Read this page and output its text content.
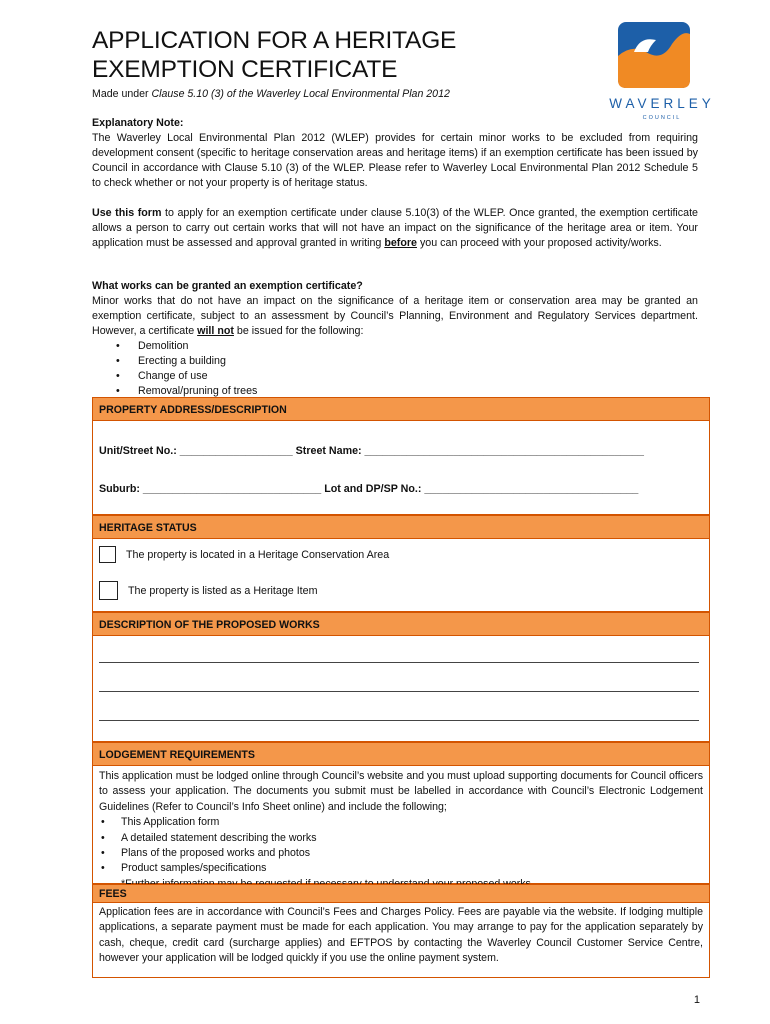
APPLICATION FOR A HERITAGE
EXEMPTION CERTIFICATE
Made under Clause 5.10 (3) of the Waverley Local Environmental Plan 2012
WAVERLEY
COUNCIL

Explanatory Note:

The Waverley Local Environmental Plan 2012 (WLEP) provides for certain minor works to be excluded from requiring development consent (specific to heritage conservation areas and heritage items) if an exemption certificate has been issued by Council in accordance with Clause 5.10 (3) of the WLEP. Please refer to Waverley Local Environmental Plan 2012 Schedule 5 to check whether or not your property is of heritage status.

Use this form to apply for an exemption certificate under clause 5.10(3) of the WLEP. Once granted, the exemption certificate allows a person to carry out certain works that will not have an impact on the significance of the heritage area or item. Your application must be assessed and approval granted in writing before you can proceed with your proposed activity/works.

What works can be granted an exemption certificate?

Minor works that do not have an impact on the significance of a heritage item or conservation area may be granted an exemption certificate, subject to an assessment by Council’s Planning, Environment and Regulatory Services department. However, a certificate will not be issued for the following:

• Demolition
• Erecting a building
• Change of use
• Removal/pruning of trees
PROPERTY ADDRESS/DESCRIPTION
Unit/Street No.: ___________________ Street Name: _______________________________________________
Suburb: ______________________________ Lot and DP/SP No.: ____________________________________
HERITAGE STATUS
The property is located in a Heritage Conservation Area
The property is listed as a Heritage Item
DESCRIPTION OF THE PROPOSED WORKS
LODGEMENT REQUIREMENTS
This application must be lodged online through Council’s website and you must upload supporting documents for Council officers to assess your application. The documents you submit must be labelled in accordance with Council’s Electronic Lodgement Guidelines (Refer to Council’s Info Sheet online) and include the following;
• This Application form
• A detailed statement describing the works
• Plans of the proposed works and photos
• Product samples/specifications
FEES
Application fees are in accordance with Council’s Fees and Charges Policy. Fees are payable via the website. If lodging multiple applications, a separate payment must be made for each application. You may arrange to pay for the application separately by cash, cheque, credit card (surcharge applies) and EFTPOS by contacting the Waverley Council Customer Service Centre, however your application will be lodged quickly if you use the online payment system.
1
